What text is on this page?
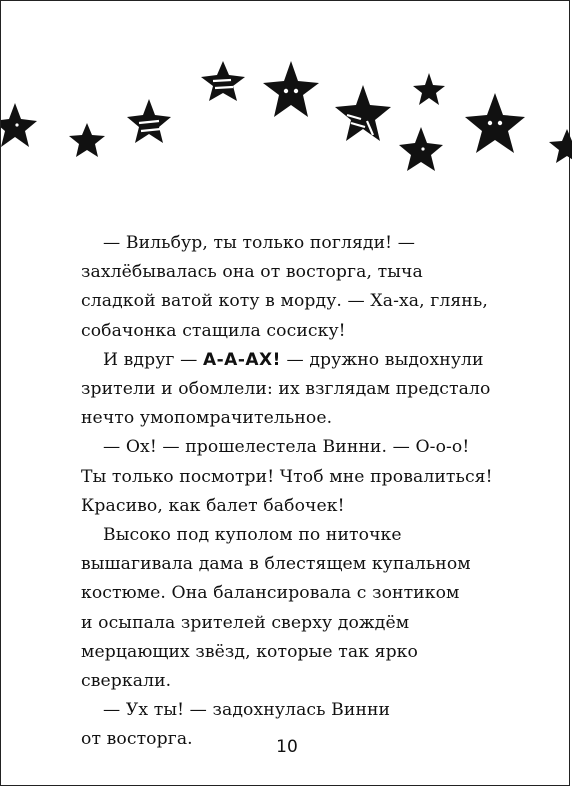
— Вильбур, ты только погляди! —
захлёбывалась она от восторга, тыча
сладкой ватой коту в морду. — Ха-ха, глянь,
собачонка стащила сосиску!
И вдруг — А-А-АХ! — дружно выдохнули
зрители и обомлели: их взглядам предстало
нечто умопомрачительное.
— Ох! — прошелестела Винни. — О-о-о!
Ты только посмотри! Чтоб мне провалиться!
Красиво, как балет бабочек!
Высоко под куполом по ниточке
вышагивала дама в блестящем купальном
костюме. Она балансировала с зонтиком
и осыпала зрителей сверху дождём
мерцающих звёзд, которые так ярко
сверкали.
— Ух ты! — задохнулась Винни
от восторга.	10
